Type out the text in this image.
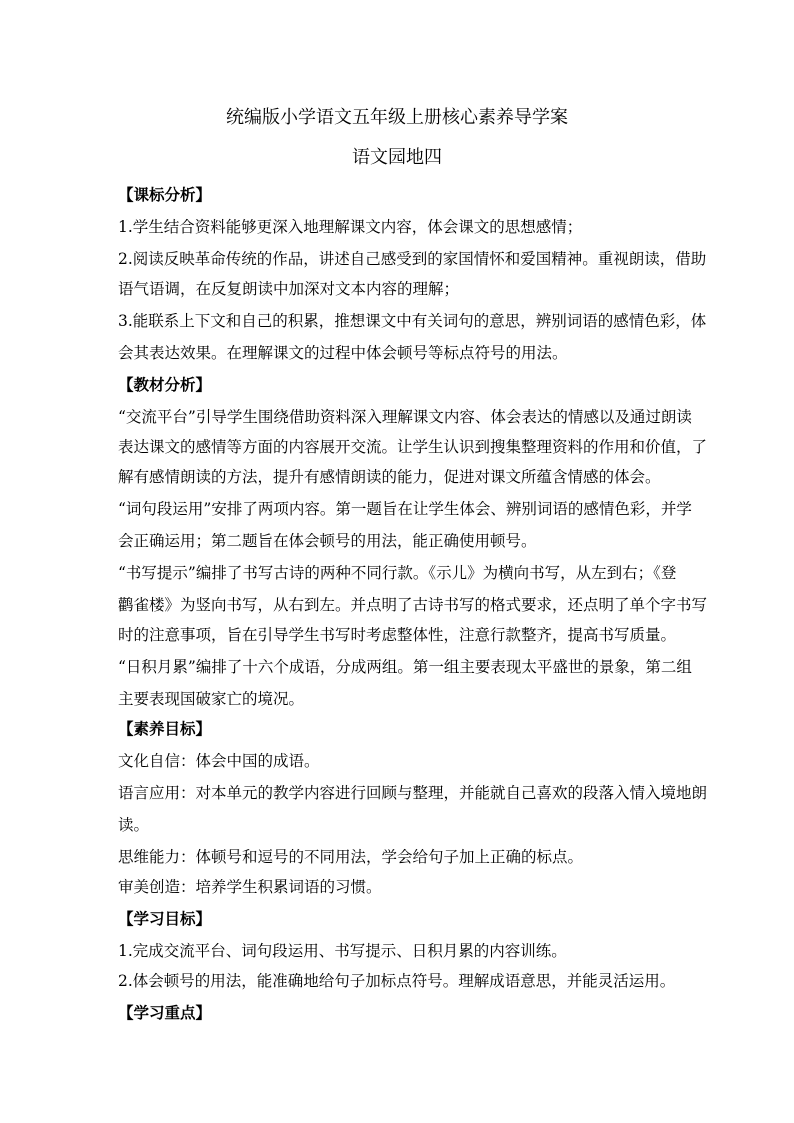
统编版小学语文五年级上册核心素养导学案
语文园地四
【课标分析】
1.学生结合资料能够更深入地理解课文内容，体会课文的思想感情；
2.阅读反映革命传统的作品，讲述自己感受到的家国情怀和爱国精神。重视朗读，借助
语气语调，在反复朗读中加深对文本内容的理解；
3.能联系上下文和自己的积累，推想课文中有关词句的意思，辨别词语的感情色彩，体
会其表达效果。在理解课文的过程中体会顿号等标点符号的用法。
【教材分析】
“交流平台”引导学生围绕借助资料深入理解课文内容、体会表达的情感以及通过朗读
表达课文的感情等方面的内容展开交流。让学生认识到搜集整理资料的作用和价值，了
解有感情朗读的方法，提升有感情朗读的能力，促进对课文所蕴含情感的体会。
“词句段运用”安排了两项内容。第一题旨在让学生体会、辨别词语的感情色彩，并学
会正确运用；第二题旨在体会顿号的用法，能正确使用顿号。
“书写提示”编排了书写古诗的两种不同行款。《示儿》为横向书写，从左到右；《登
鹳雀楼》为竖向书写，从右到左。并点明了古诗书写的格式要求，还点明了单个字书写
时的注意事项，旨在引导学生书写时考虑整体性，注意行款整齐，提高书写质量。
“日积月累”编排了十六个成语，分成两组。第一组主要表现太平盛世的景象，第二组
主要表现国破家亡的境况。
【素养目标】
文化自信：体会中国的成语。
语言应用：对本单元的教学内容进行回顾与整理，并能就自己喜欢的段落入情入境地朗
读。
思维能力：体顿号和逗号的不同用法，学会给句子加上正确的标点。
审美创造：培养学生积累词语的习惯。
【学习目标】
1.完成交流平台、词句段运用、书写提示、日积月累的内容训练。
2.体会顿号的用法，能准确地给句子加标点符号。理解成语意思，并能灵活运用。
【学习重点】
